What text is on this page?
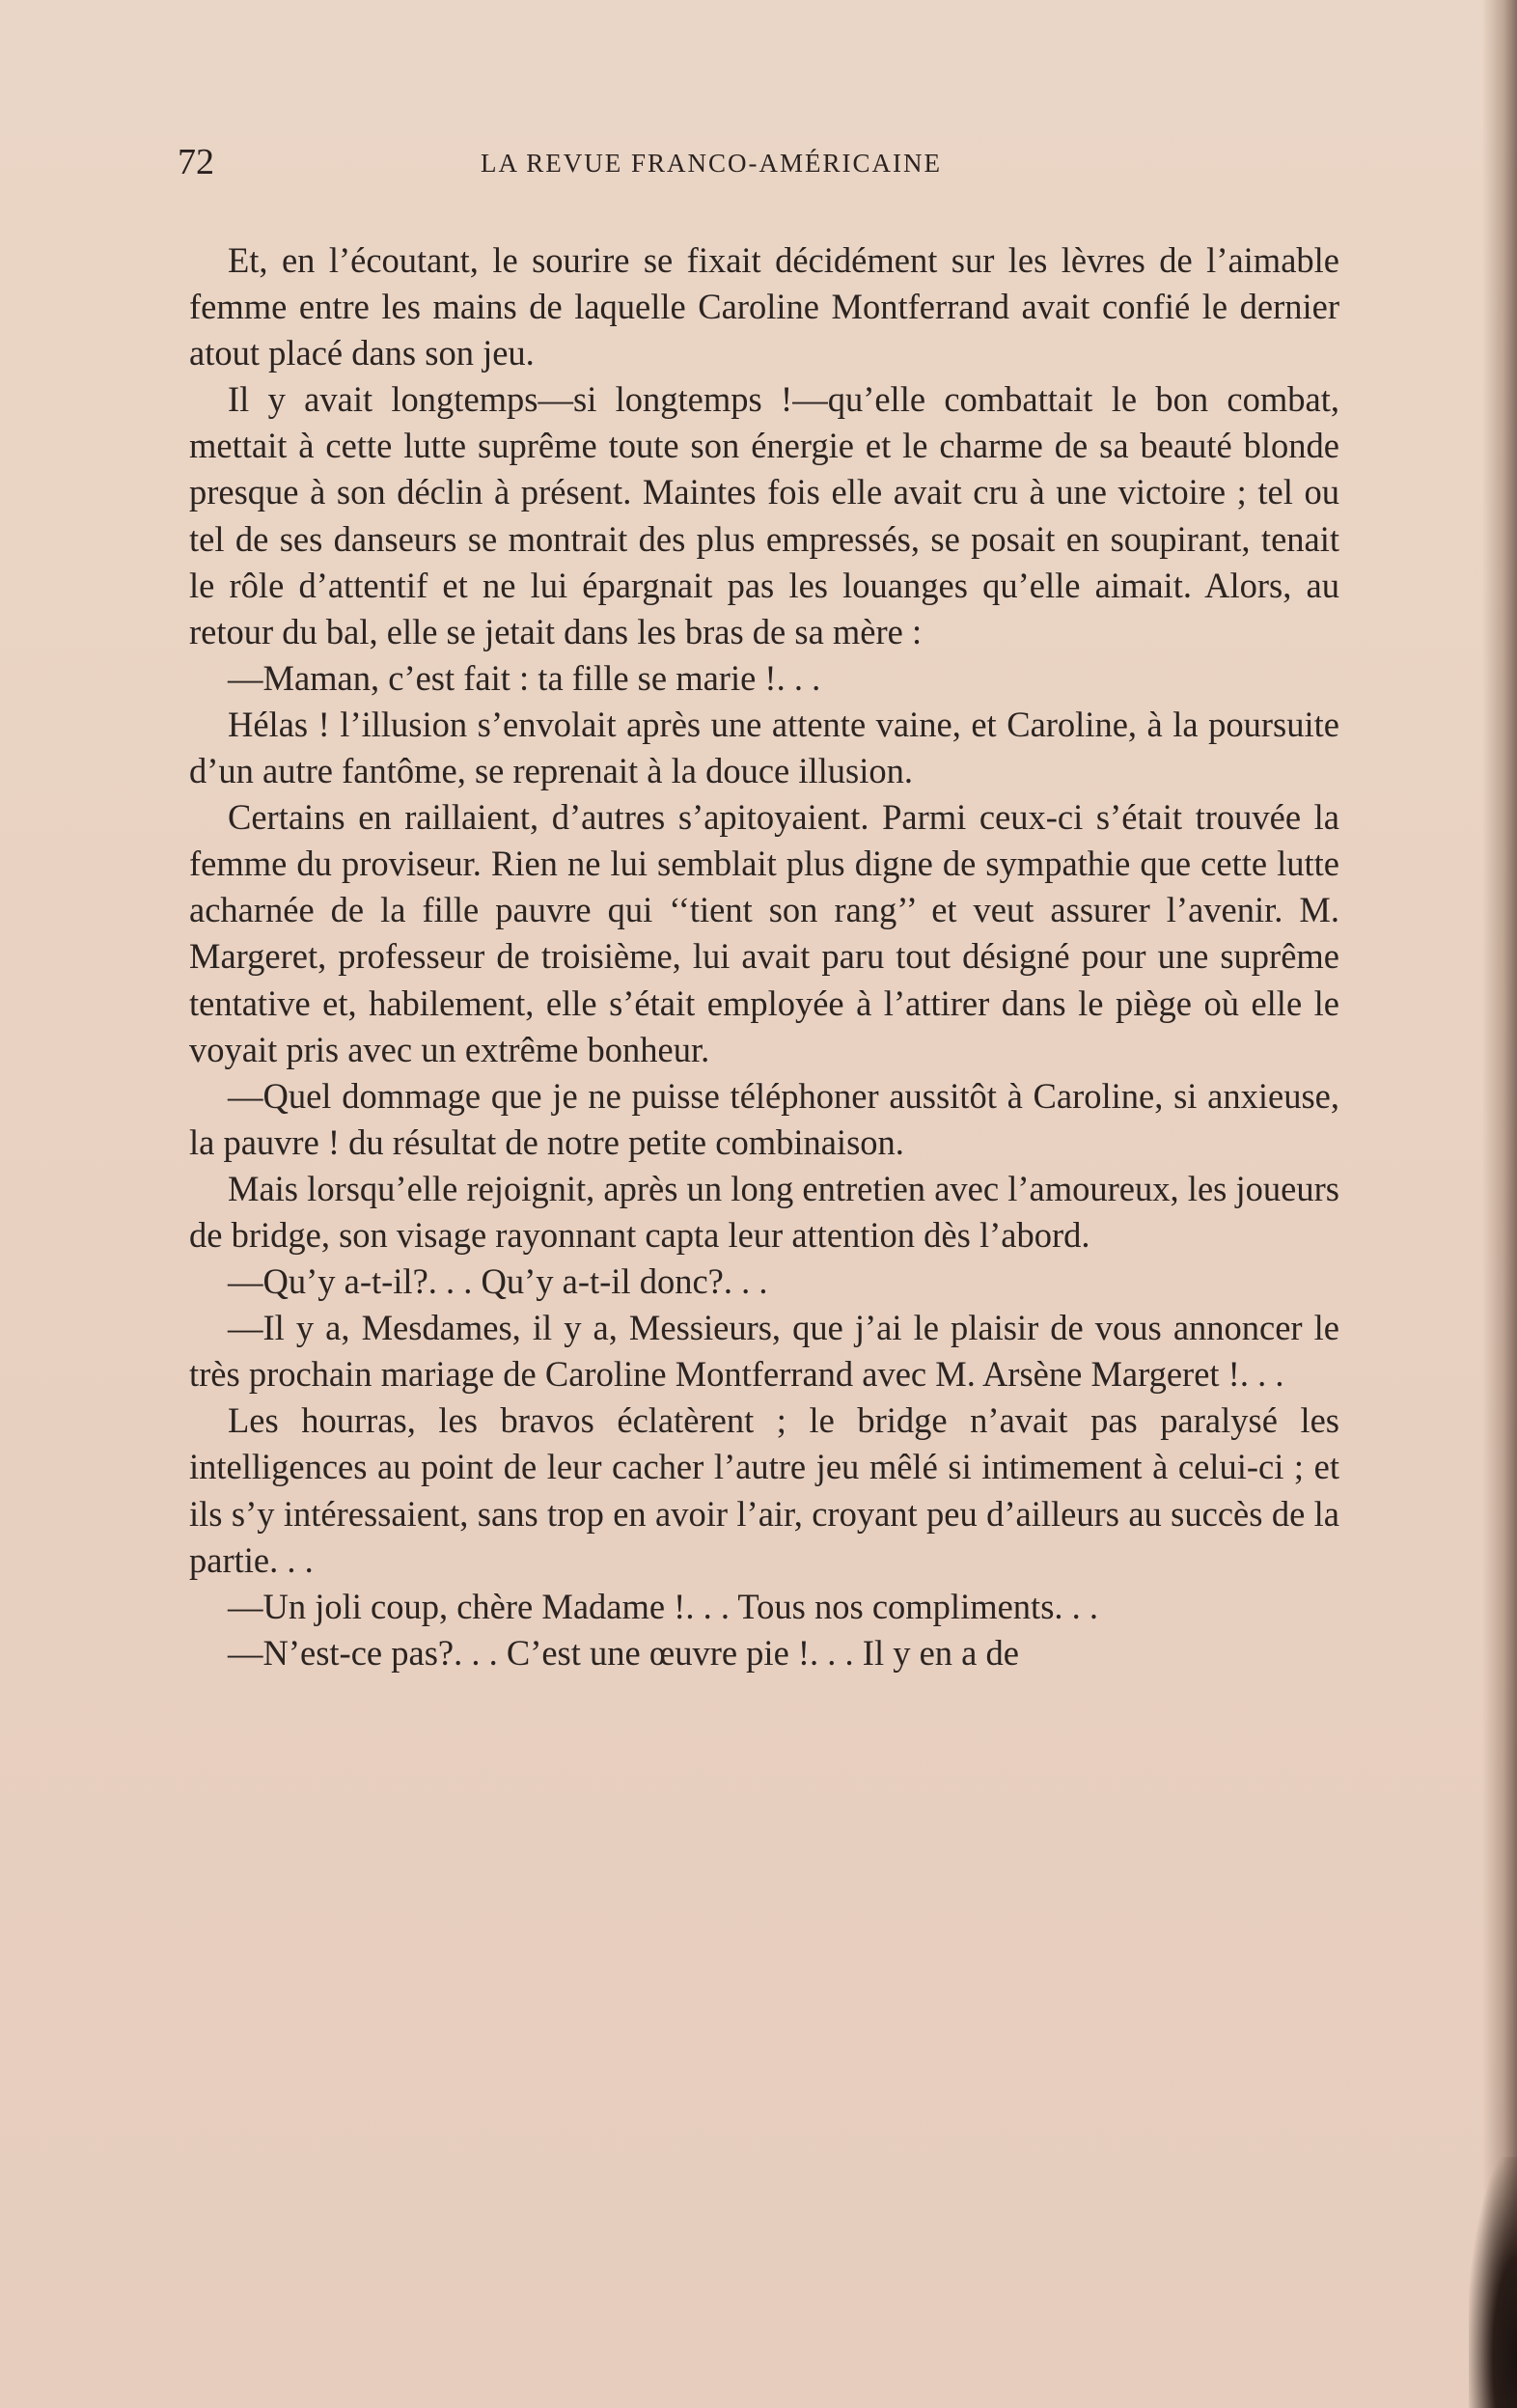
72	LA REVUE FRANCO-AMÉRICAINE

Et, en l’écoutant, le sourire se fixait décidément sur les lèvres de l’aimable femme entre les mains de laquelle Caroline Montferrand avait confié le dernier atout placé dans son jeu.

Il y avait longtemps—si longtemps !—qu’elle combattait le bon combat, mettait à cette lutte suprême toute son énergie et le charme de sa beauté blonde presque à son déclin à présent. Maintes fois elle avait cru à une victoire ; tel ou tel de ses danseurs se montrait des plus empressés, se posait en soupirant, tenait le rôle d’attentif et ne lui épargnait pas les louanges qu’elle aimait. Alors, au retour du bal, elle se jetait dans les bras de sa mère :

—Maman, c’est fait : ta fille se marie !. . .

Hélas ! l’illusion s’envolait après une attente vaine, et Caroline, à la poursuite d’un autre fantôme, se reprenait à la douce illusion.

Certains en raillaient, d’autres s’apitoyaient. Parmi ceux-ci s’était trouvée la femme du proviseur. Rien ne lui semblait plus digne de sympathie que cette lutte acharnée de la fille pauvre qui ‘‘tient son rang’’ et veut assurer l’avenir. M. Margeret, professeur de troisième, lui avait paru tout désigné pour une suprême tentative et, habilement, elle s’était employée à l’attirer dans le piège où elle le voyait pris avec un extrême bonheur.

—Quel dommage que je ne puisse téléphoner aussitôt à Caroline, si anxieuse, la pauvre ! du résultat de notre petite combinaison.

Mais lorsqu’elle rejoignit, après un long entretien avec l’amoureux, les joueurs de bridge, son visage rayonnant capta leur attention dès l’abord.

—Qu’y a-t-il?. . . Qu’y a-t-il donc?. . .

—Il y a, Mesdames, il y a, Messieurs, que j’ai le plaisir de vous annoncer le très prochain mariage de Caroline Montferrand avec M. Arsène Margeret !. . .

Les hourras, les bravos éclatèrent ; le bridge n’avait pas paralysé les intelligences au point de leur cacher l’autre jeu mêlé si intimement à celui-ci ; et ils s’y intéressaient, sans trop en avoir l’air, croyant peu d’ailleurs au succès de la partie. . .

—Un joli coup, chère Madame !. . . Tous nos compliments. . .

—N’est-ce pas?. . . C’est une œuvre pie !. . . Il y en a de
